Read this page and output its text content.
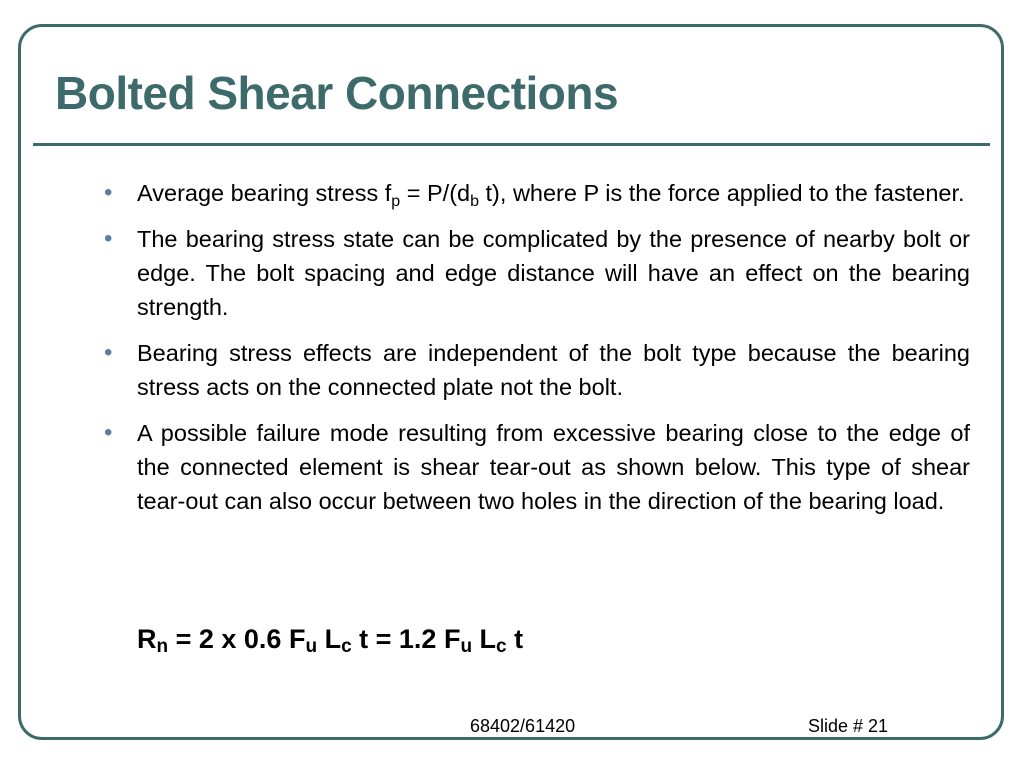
Bolted Shear Connections
• Average bearing stress $f_p = P/(d_b$ t), where P is the force applied to the fastener.
• The bearing stress state can be complicated by the presence of nearby bolt or edge. The bolt spacing and edge distance will have an effect on the bearing strength.
• Bearing stress effects are independent of the bolt type because the bearing stress acts on the connected plate not the bolt.
• A possible failure mode resulting from excessive bearing close to the edge of the connected element is shear tear-out as shown below. This type of shear tear-out can also occur between two holes in the direction of the bearing load.
$R_n = 2$ x 0.6 $F_u$ $L_c$ t = 1.2 $F_u$ $L_c$ t
68402/61420	Slide # 21
